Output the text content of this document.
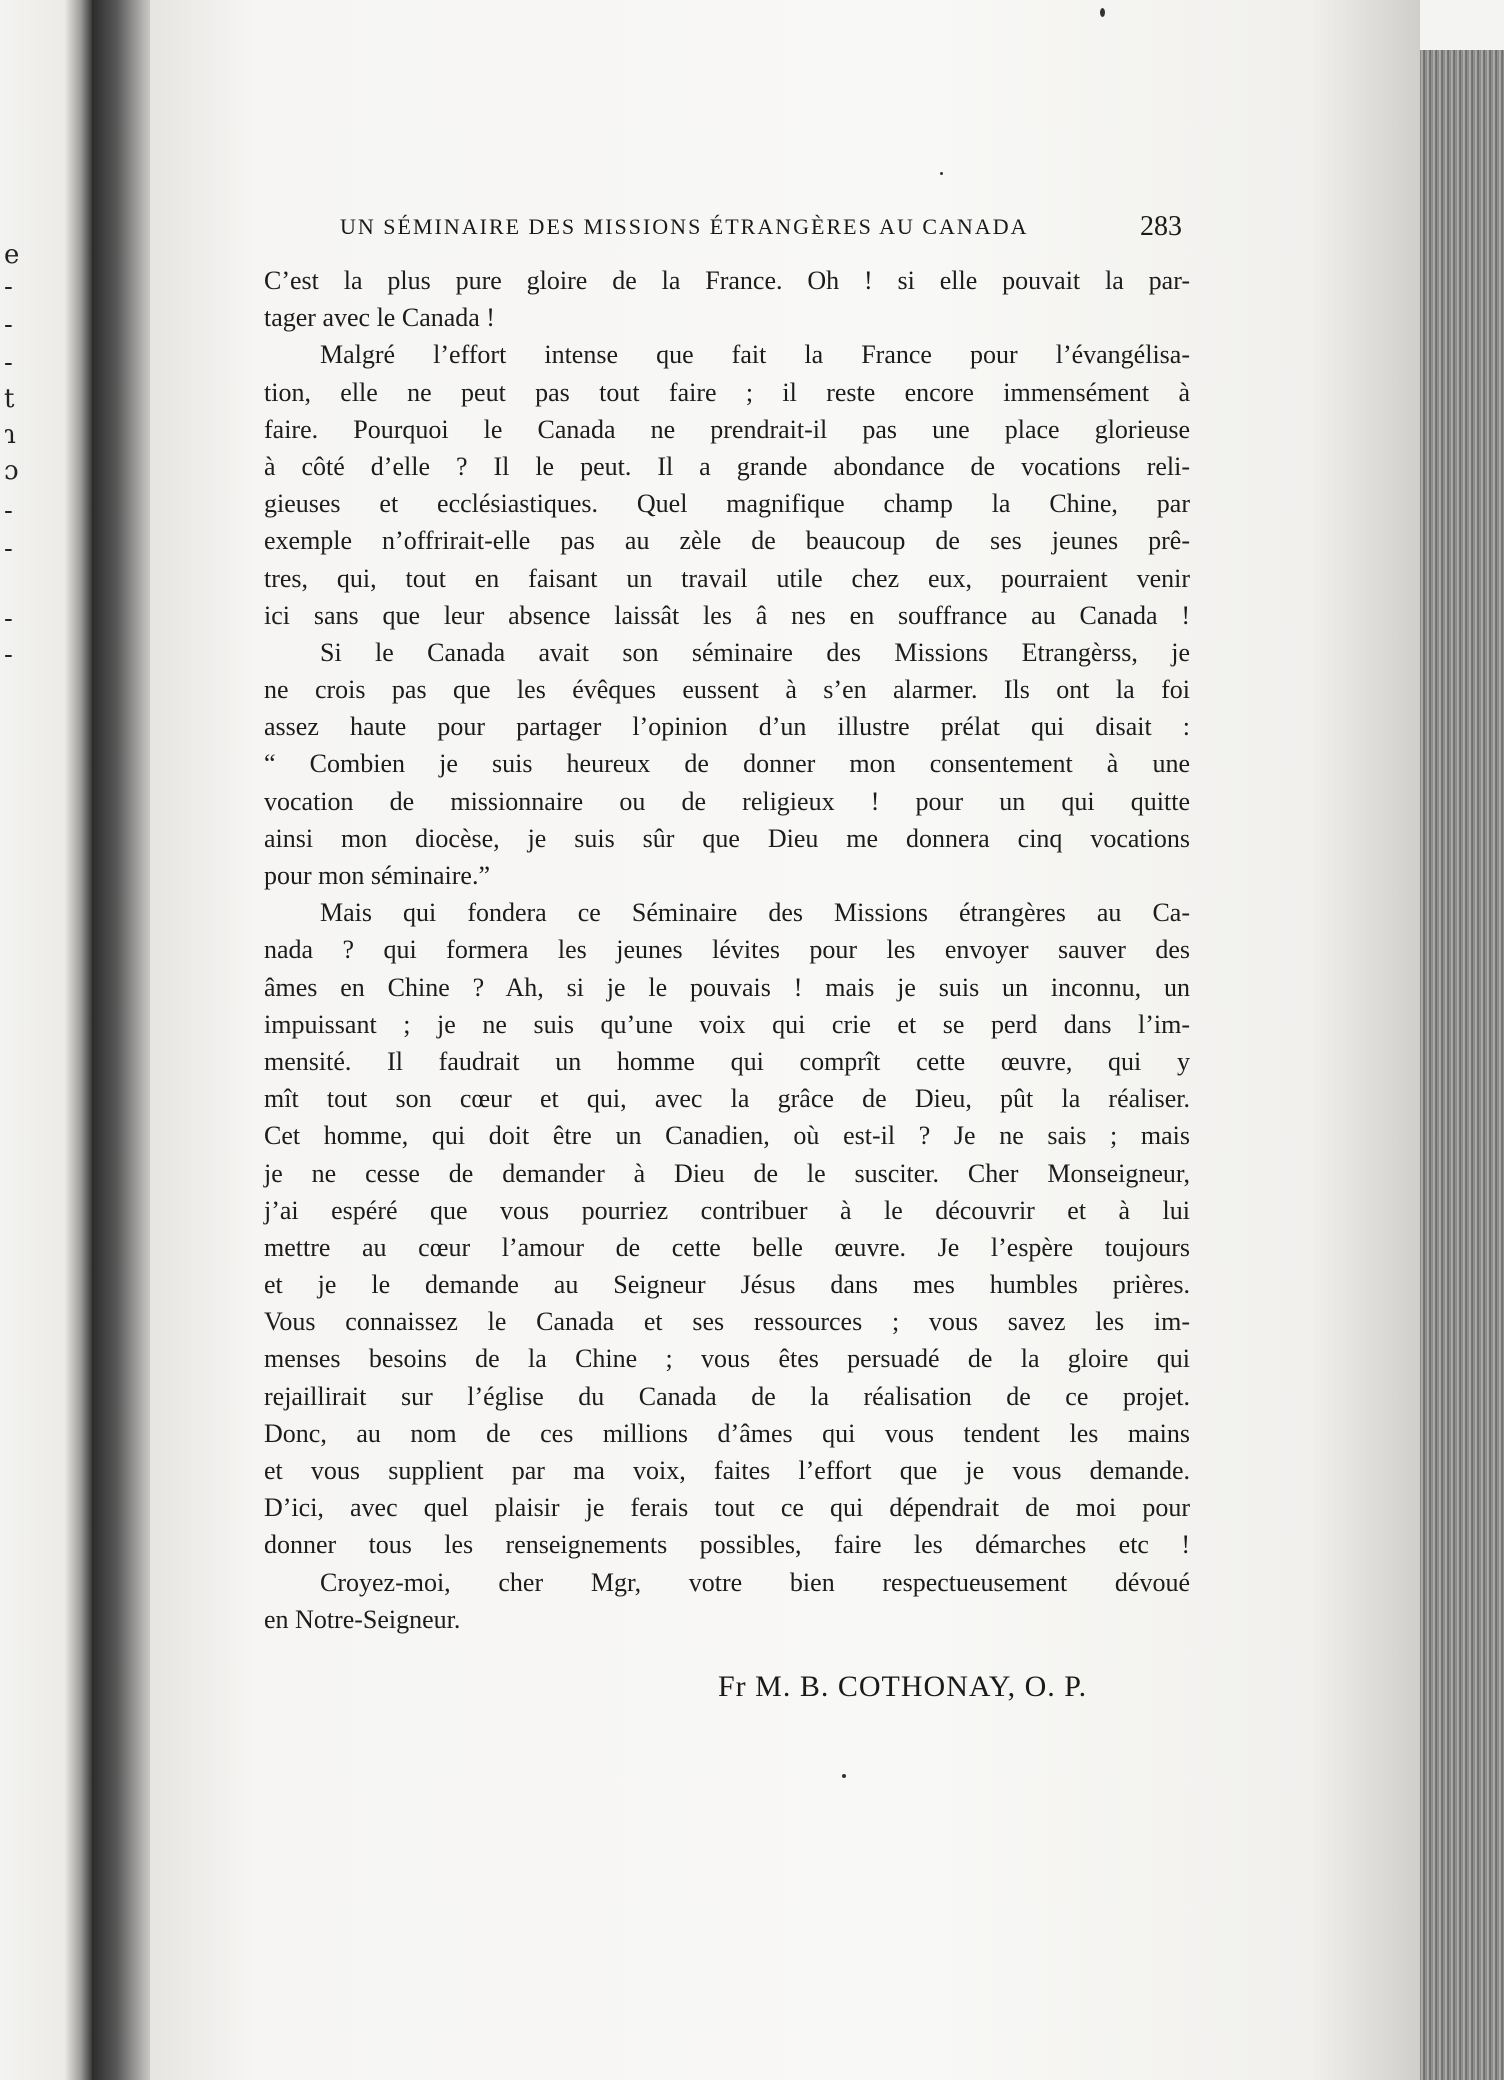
e
-
-
-
t
ɿ
ɔ
-
-
-
-
UN SÉMINAIRE DES MISSIONS ÉTRANGÈRES AU CANADA	283
C’est la plus pure gloire de la France. Oh ! si elle pouvait la par-
tager avec le Canada !
Malgré l’effort intense que fait la France pour l’évangélisa-
tion, elle ne peut pas tout faire ; il reste encore immensément à
faire. Pourquoi le Canada ne prendrait-il pas une place glorieuse
à côté d’elle ? Il le peut. Il a grande abondance de vocations reli-
gieuses et ecclésiastiques. Quel magnifique champ la Chine, par
exemple n’offrirait-elle pas au zèle de beaucoup de ses jeunes prê-
tres, qui, tout en faisant un travail utile chez eux, pourraient venir
ici sans que leur absence laissât les â nes en souffrance au Canada !
Si le Canada avait son séminaire des Missions Etrangèrss, je
ne crois pas que les évêques eussent à s’en alarmer. Ils ont la foi
assez haute pour partager l’opinion d’un illustre prélat qui disait :
“ Combien je suis heureux de donner mon consentement à une
vocation de missionnaire ou de religieux ! pour un qui quitte
ainsi mon diocèse, je suis sûr que Dieu me donnera cinq vocations
pour mon séminaire.”
Mais qui fondera ce Séminaire des Missions étrangères au Ca-
nada ? qui formera les jeunes lévites pour les envoyer sauver des
âmes en Chine ? Ah, si je le pouvais ! mais je suis un inconnu, un
impuissant ; je ne suis qu’une voix qui crie et se perd dans l’im-
mensité. Il faudrait un homme qui comprît cette œuvre, qui y
mît tout son cœur et qui, avec la grâce de Dieu, pût la réaliser.
Cet homme, qui doit être un Canadien, où est-il ? Je ne sais ; mais
je ne cesse de demander à Dieu de le susciter. Cher Monseigneur,
j’ai espéré que vous pourriez contribuer à le découvrir et à lui
mettre au cœur l’amour de cette belle œuvre. Je l’espère toujours
et je le demande au Seigneur Jésus dans mes humbles prières.
Vous connaissez le Canada et ses ressources ; vous savez les im-
menses besoins de la Chine ; vous êtes persuadé de la gloire qui
rejaillirait sur l’église du Canada de la réalisation de ce projet.
Donc, au nom de ces millions d’âmes qui vous tendent les mains
et vous supplient par ma voix, faites l’effort que je vous demande.
D’ici, avec quel plaisir je ferais tout ce qui dépendrait de moi pour
donner tous les renseignements possibles, faire les démarches etc !
Croyez-moi, cher Mgr, votre bien respectueusement dévoué
en Notre-Seigneur.
Fr M. B. COTHONAY, O. P.
